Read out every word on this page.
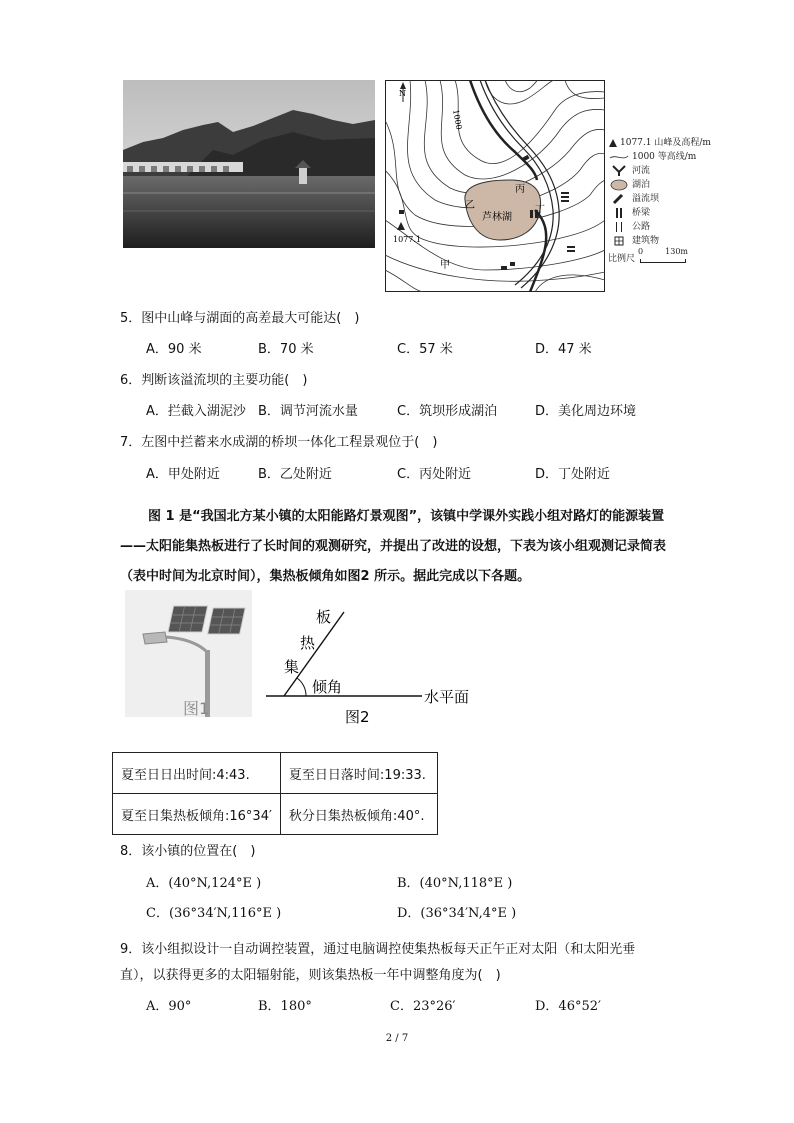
N
1000
1077.1
芦林湖
甲
乙
丙
丁
1077.1 山峰及高程/m
1000 等高线/m
河流
湖泊
溢流坝
桥梁
公路
建筑物
比例尺
0	130m
5．图中山峰与湖面的高差最大可能达(　)
A．90 米	B．70 米	C．57 米	D．47 米
6．判断该溢流坝的主要功能(　)
A．拦截入湖泥沙 B．调节河流水量	C．筑坝形成湖泊	D．美化周边环境
7．左图中拦蓄来水成湖的桥坝一体化工程景观位于(　)
A．甲处附近	B．乙处附近	C．丙处附近	D．丁处附近
图 1 是“我国北方某小镇的太阳能路灯景观图”，该镇中学课外实践小组对路灯的能源装置——太阳能集热板进行了长时间的观测研究，并提出了改进的设想，下表为该小组观测记录简表（表中时间为北京时间），集热板倾角如图2 所示。据此完成以下各题。
图1
板
热
集
倾角
水平面
图2
夏至日日出时间:4:43.	夏至日日落时间:19:33.
夏至日集热板倾角:16°34′	秋分日集热板倾角:40°.
8．该小镇的位置在(　)
A．(40°N,124°E )	B．(40°N,118°E )
C．(36°34′N,116°E )	D．(36°34′N,4°E )
9．该小组拟设计一自动调控装置，通过电脑调控使集热板每天正午正对太阳（和太阳光垂
直），以获得更多的太阳辐射能，则该集热板一年中调整角度为(　)
A．90°	B．180°	C．23°26′	D．46°52′
2 / 7
